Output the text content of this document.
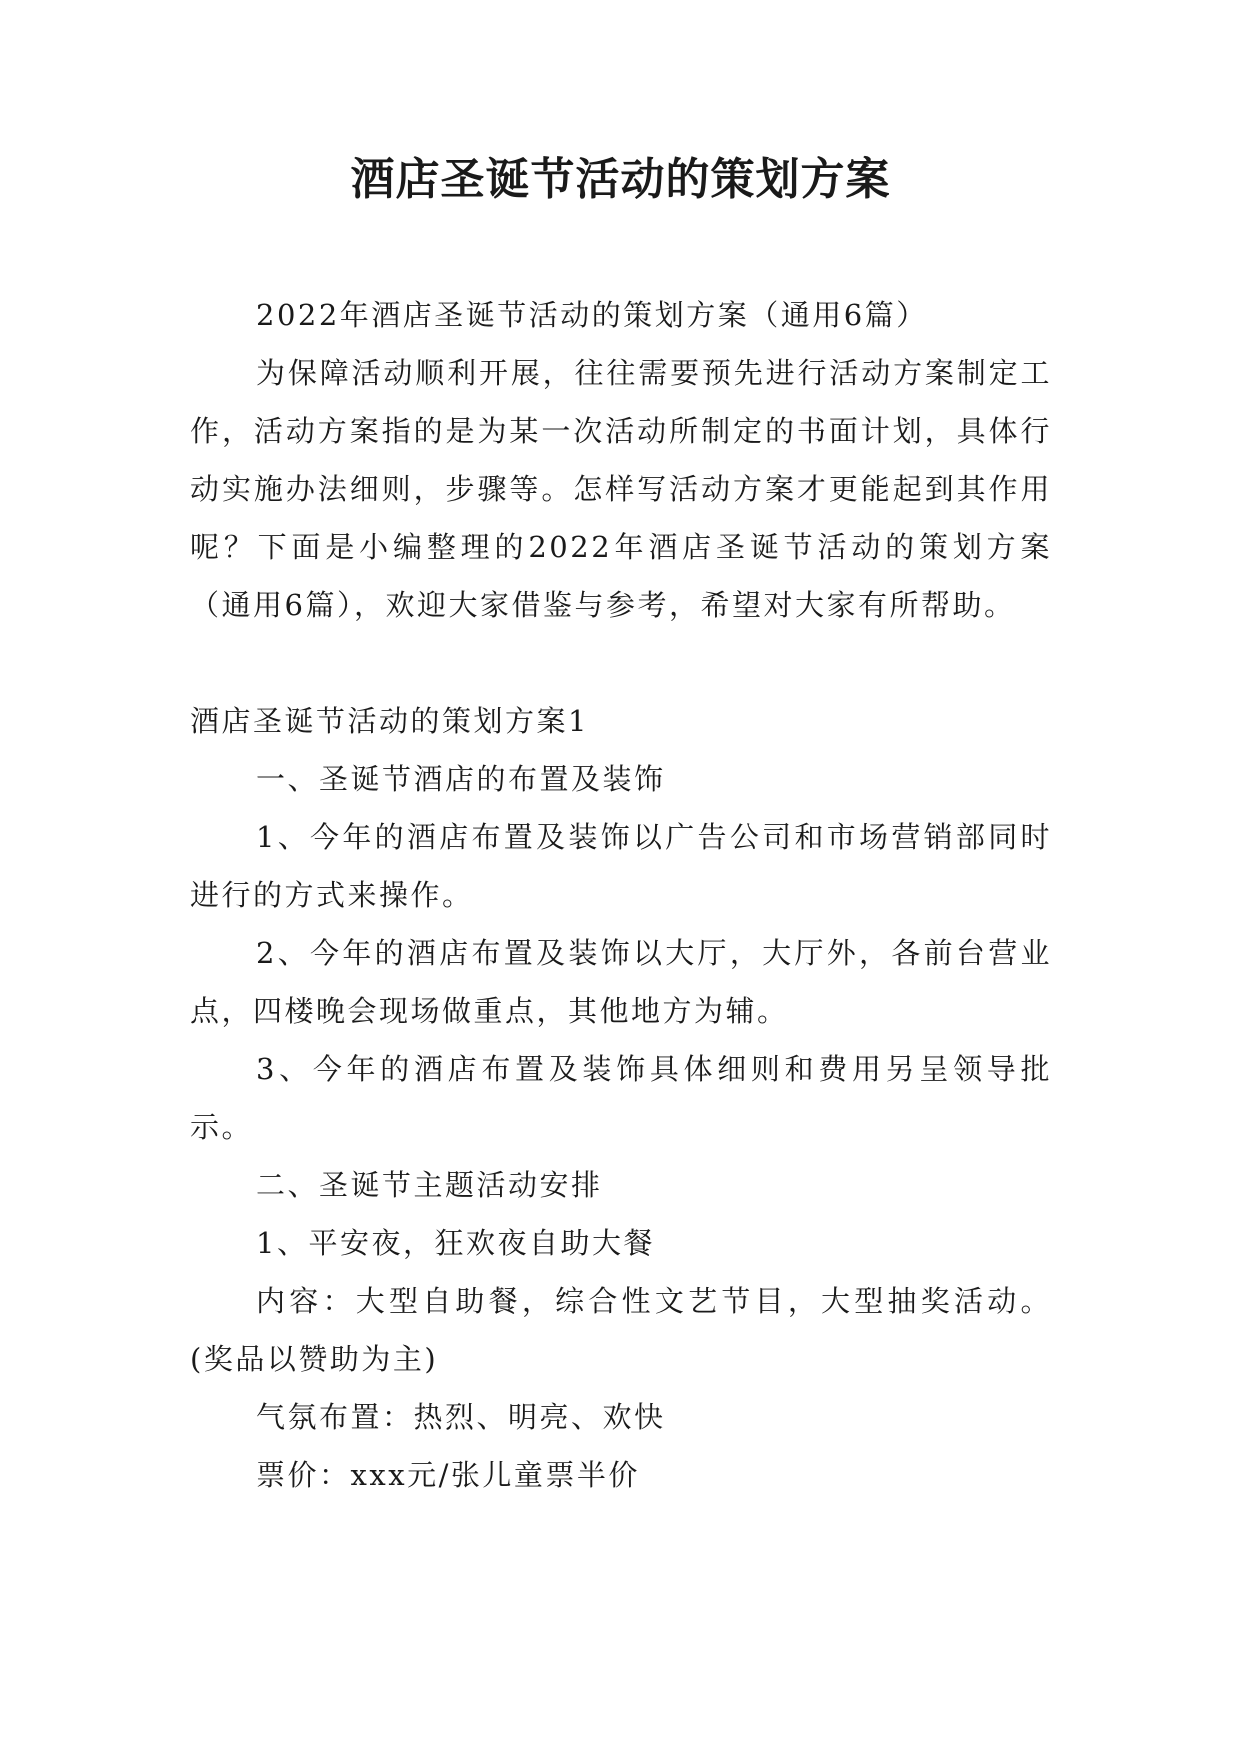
酒店圣诞节活动的策划方案

2022年酒店圣诞节活动的策划方案（通用6篇）

为保障活动顺利开展，往往需要预先进行活动方案制定工作，活动方案指的是为某一次活动所制定的书面计划，具体行动实施办法细则，步骤等。怎样写活动方案才更能起到其作用呢？下面是小编整理的2022年酒店圣诞节活动的策划方案（通用6篇），欢迎大家借鉴与参考，希望对大家有所帮助。

酒店圣诞节活动的策划方案1

一、圣诞节酒店的布置及装饰

1、今年的酒店布置及装饰以广告公司和市场营销部同时进行的方式来操作。

2、今年的酒店布置及装饰以大厅，大厅外，各前台营业点，四楼晚会现场做重点，其他地方为辅。

3、今年的酒店布置及装饰具体细则和费用另呈领导批示。

二、圣诞节主题活动安排

1、平安夜，狂欢夜自助大餐

内容：大型自助餐，综合性文艺节目，大型抽奖活动。(奖品以赞助为主)

气氛布置：热烈、明亮、欢快

票价：xxx元/张儿童票半价
